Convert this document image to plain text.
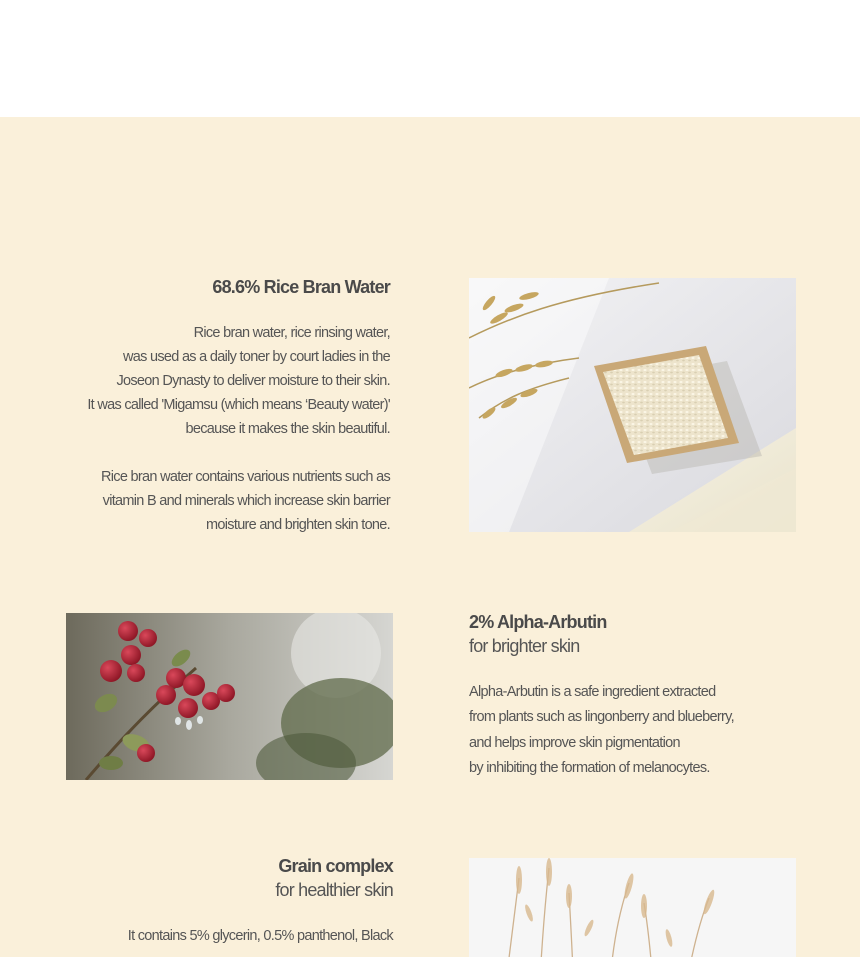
68.6% Rice Bran Water
Rice bran water, rice rinsing water,
was used as a daily toner by court ladies in the
Joseon Dynasty to deliver moisture to their skin.
It was called 'Migamsu (which means ‘Beauty water)'
because it makes the skin beautiful.
Rice bran water contains various nutrients such as
vitamin B and minerals which increase skin barrier
moisture and brighten skin tone.
2% Alpha-Arbutin
for brighter skin
Alpha-Arbutin is a safe ingredient extracted
from plants such as lingonberry and blueberry,
and helps improve skin pigmentation
by inhibiting the formation of melanocytes.
Grain complex
for healthier skin
It contains 5% glycerin, 0.5% panthenol, Black
